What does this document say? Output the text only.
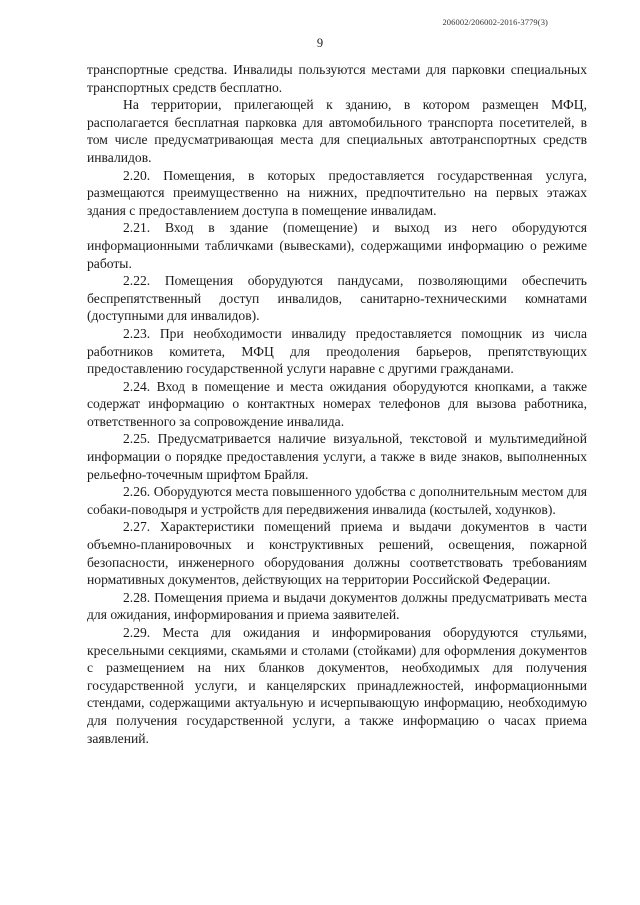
206002/206002-2016-3779(3)
9

транспортные средства. Инвалиды пользуются местами для парковки специальных транспортных средств бесплатно.

На территории, прилегающей к зданию, в котором размещен МФЦ, располагается бесплатная парковка для автомобильного транспорта посетителей, в том числе предусматривающая места для специальных автотранспортных средств инвалидов.

2.20. Помещения, в которых предоставляется государственная услуга, размещаются преимущественно на нижних, предпочтительно на первых этажах здания с предоставлением доступа в помещение инвалидам.

2.21. Вход в здание (помещение) и выход из него оборудуются информационными табличками (вывесками), содержащими информацию о режиме работы.

2.22. Помещения оборудуются пандусами, позволяющими обеспечить беспрепятственный доступ инвалидов, санитарно-техническими комнатами (доступными для инвалидов).

2.23. При необходимости инвалиду предоставляется помощник из числа работников комитета, МФЦ для преодоления барьеров, препятствующих предоставлению государственной услуги наравне с другими гражданами.

2.24. Вход в помещение и места ожидания оборудуются кнопками, а также содержат информацию о контактных номерах телефонов для вызова работника, ответственного за сопровождение инвалида.

2.25. Предусматривается наличие визуальной, текстовой и мультимедийной информации о порядке предоставления услуги, а также в виде знаков, выполненных рельефно-точечным шрифтом Брайля.

2.26. Оборудуются места повышенного удобства с дополнительным местом для собаки-поводыря и устройств для передвижения инвалида (костылей, ходунков).

2.27. Характеристики помещений приема и выдачи документов в части объемно-планировочных и конструктивных решений, освещения, пожарной безопасности, инженерного оборудования должны соответствовать требованиям нормативных документов, действующих на территории Российской Федерации.

2.28. Помещения приема и выдачи документов должны предусматривать места для ожидания, информирования и приема заявителей.

2.29. Места для ожидания и информирования оборудуются стульями, кресельными секциями, скамьями и столами (стойками) для оформления документов с размещением на них бланков документов, необходимых для получения государственной услуги, и канцелярских принадлежностей, информационными стендами, содержащими актуальную и исчерпывающую информацию, необходимую для получения государственной услуги, а также информацию о часах приема заявлений.
